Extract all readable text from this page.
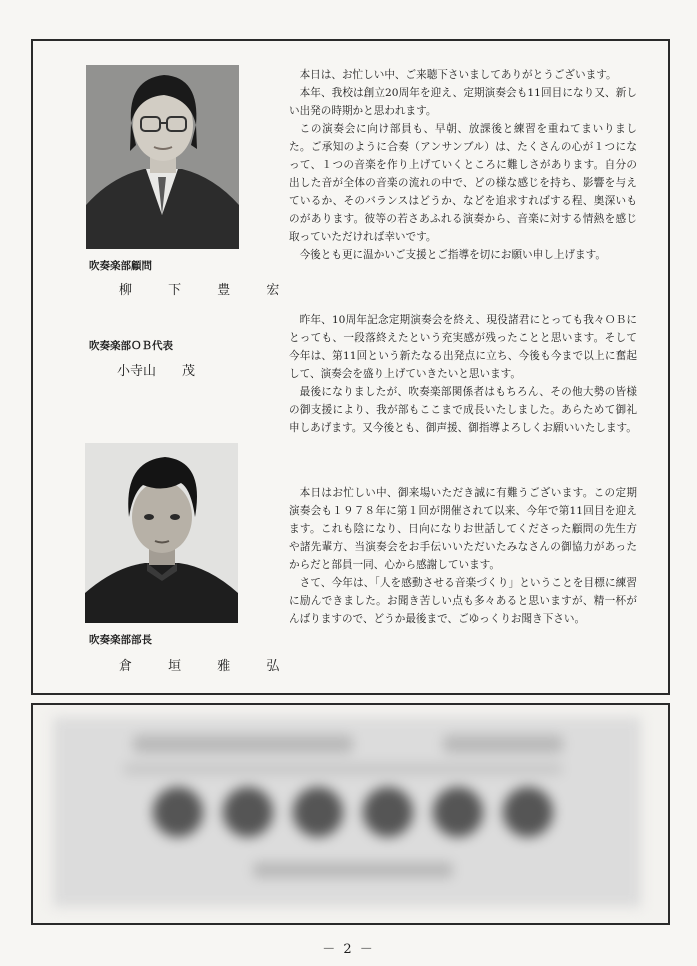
吹奏楽部顧問
柳 下 豊 宏
吹奏楽部ＯＢ代表
小寺山　　茂
吹奏楽部部長
倉 垣 雅 弘

本日は、お忙しい中、ご来聴下さいましてありがとうございます。

本年、我校は創立20周年を迎え、定期演奏会も11回目になり又、新しい出発の時期かと思われます。

この演奏会に向け部員も、早朝、放課後と練習を重ねてまいりました。ご承知のように合奏（アンサンブル）は、たくさんの心が１つになって、１つの音楽を作り上げていくところに難しさがあります。自分の出した音が全体の音楽の流れの中で、どの様な感じを持ち、影響を与えているか、そのバランスはどうか、などを追求すればする程、奥深いものがあります。彼等の若さあふれる演奏から、音楽に対する情熱を感じ取っていただければ幸いです。

今後とも更に温かいご支援とご指導を切にお願い申し上げます。

昨年、10周年記念定期演奏会を終え、現役諸君にとっても我々ＯＢにとっても、一段落終えたという充実感が残ったことと思います。そして今年は、第11回という新たなる出発点に立ち、今後も今まで以上に奮起して、演奏会を盛り上げていきたいと思います。

最後になりましたが、吹奏楽部関係者はもちろん、その他大勢の皆様の御支援により、我が部もここまで成長いたしました。あらためて御礼申しあげます。又今後とも、御声援、御指導よろしくお願いいたします。

本日はお忙しい中、御来場いただき誠に有難うございます。この定期演奏会も１９７８年に第１回が開催されて以来、今年で第11回目を迎えます。これも陰になり、日向になりお世話してくださった顧問の先生方や諸先輩方、当演奏会をお手伝いいただいたみなさんの御協力があったからだと部員一同、心から感謝しています。

さて、今年は、「人を感動させる音楽づくり」ということを目標に練習に励んできました。お聞き苦しい点も多々あると思いますが、精一杯がんばりますので、どうか最後まで、ごゆっくりお聞き下さい。

－ 2 －
